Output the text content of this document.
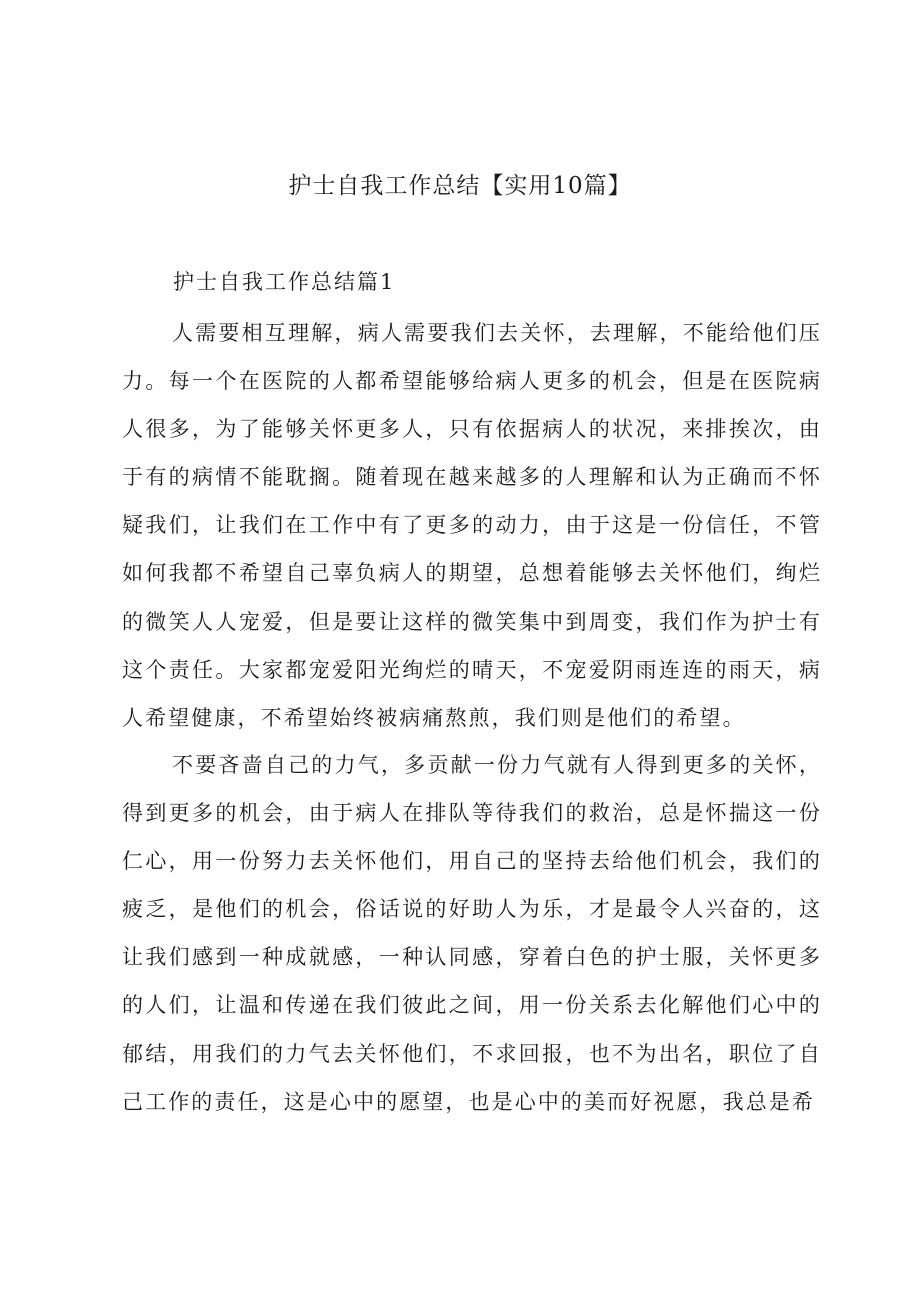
护士自我工作总结【实用10篇】
护士自我工作总结篇1

人需要相互理解，病人需要我们去关怀，去理解，不能给他们压力。每一个在医院的人都希望能够给病人更多的机会，但是在医院病人很多，为了能够关怀更多人，只有依据病人的状况，来排挨次，由于有的病情不能耽搁。随着现在越来越多的人理解和认为正确而不怀疑我们，让我们在工作中有了更多的动力，由于这是一份信任，不管如何我都不希望自己辜负病人的期望，总想着能够去关怀他们，绚烂的微笑人人宠爱，但是要让这样的微笑集中到周变，我们作为护士有这个责任。大家都宠爱阳光绚烂的晴天，不宠爱阴雨连连的雨天，病人希望健康，不希望始终被病痛熬煎，我们则是他们的希望。

不要吝啬自己的力气，多贡献一份力气就有人得到更多的关怀，得到更多的机会，由于病人在排队等待我们的救治，总是怀揣这一份仁心，用一份努力去关怀他们，用自己的坚持去给他们机会，我们的疲乏，是他们的机会，俗话说的好助人为乐，才是最令人兴奋的，这让我们感到一种成就感，一种认同感，穿着白色的护士服，关怀更多的人们，让温和传递在我们彼此之间，用一份关系去化解他们心中的郁结，用我们的力气去关怀他们，不求回报，也不为出名，职位了自己工作的责任，这是心中的愿望，也是心中的美而好祝愿，我总是希
